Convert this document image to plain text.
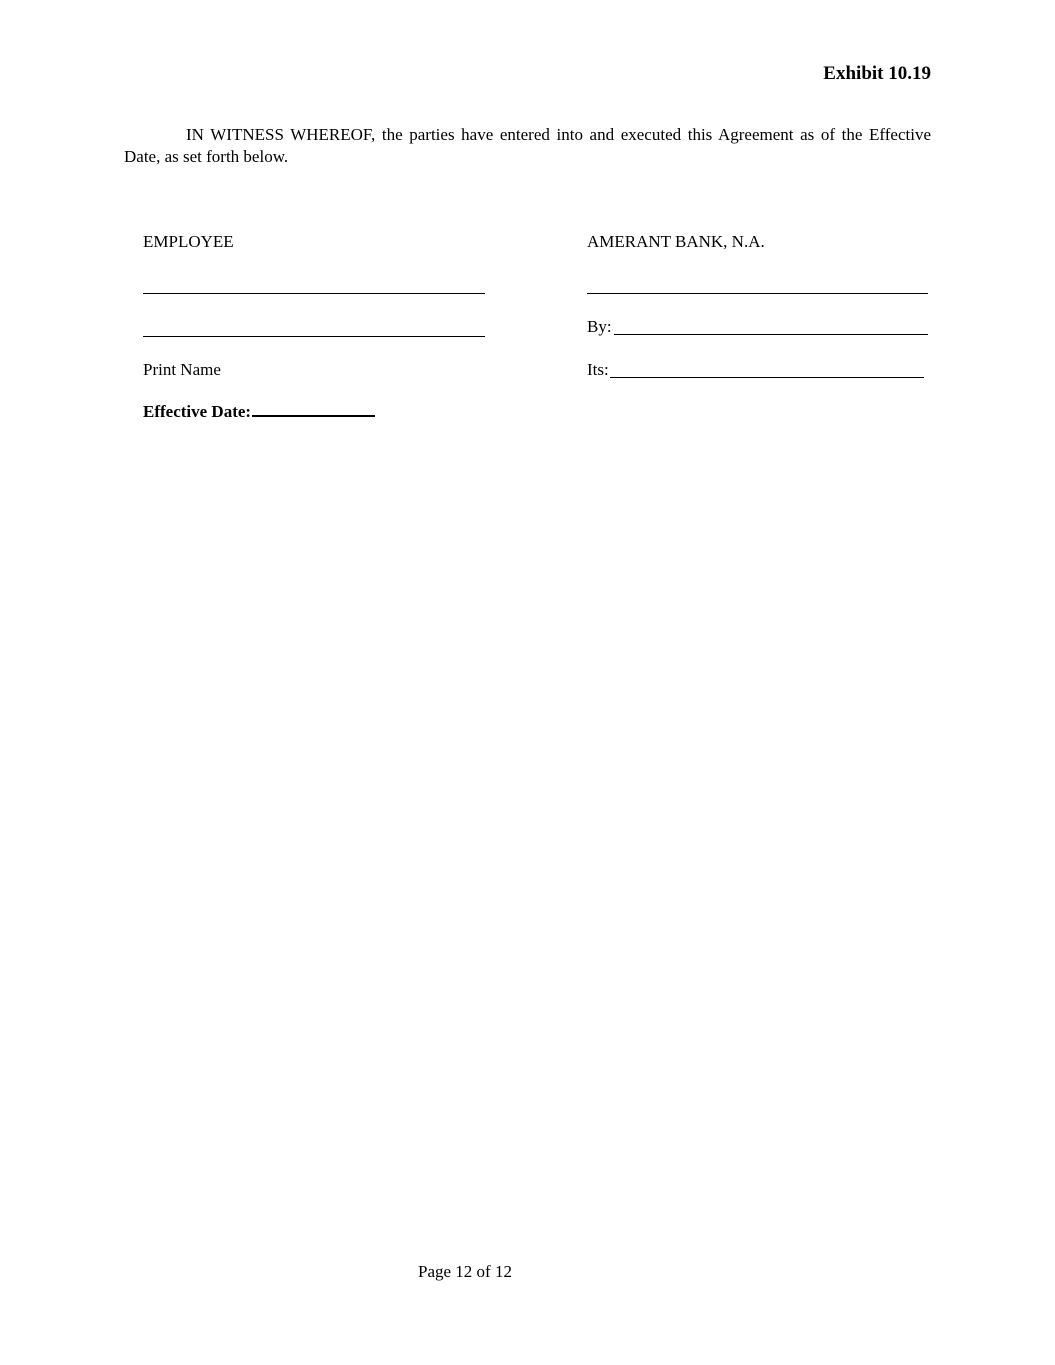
Exhibit 10.19
IN WITNESS WHEREOF, the parties have entered into and executed this Agreement as of the Effective Date, as set forth below.
EMPLOYEE	AMERANT BANK, N.A.
By:
Print Name	Its:
Effective Date:
Page 12 of 12
